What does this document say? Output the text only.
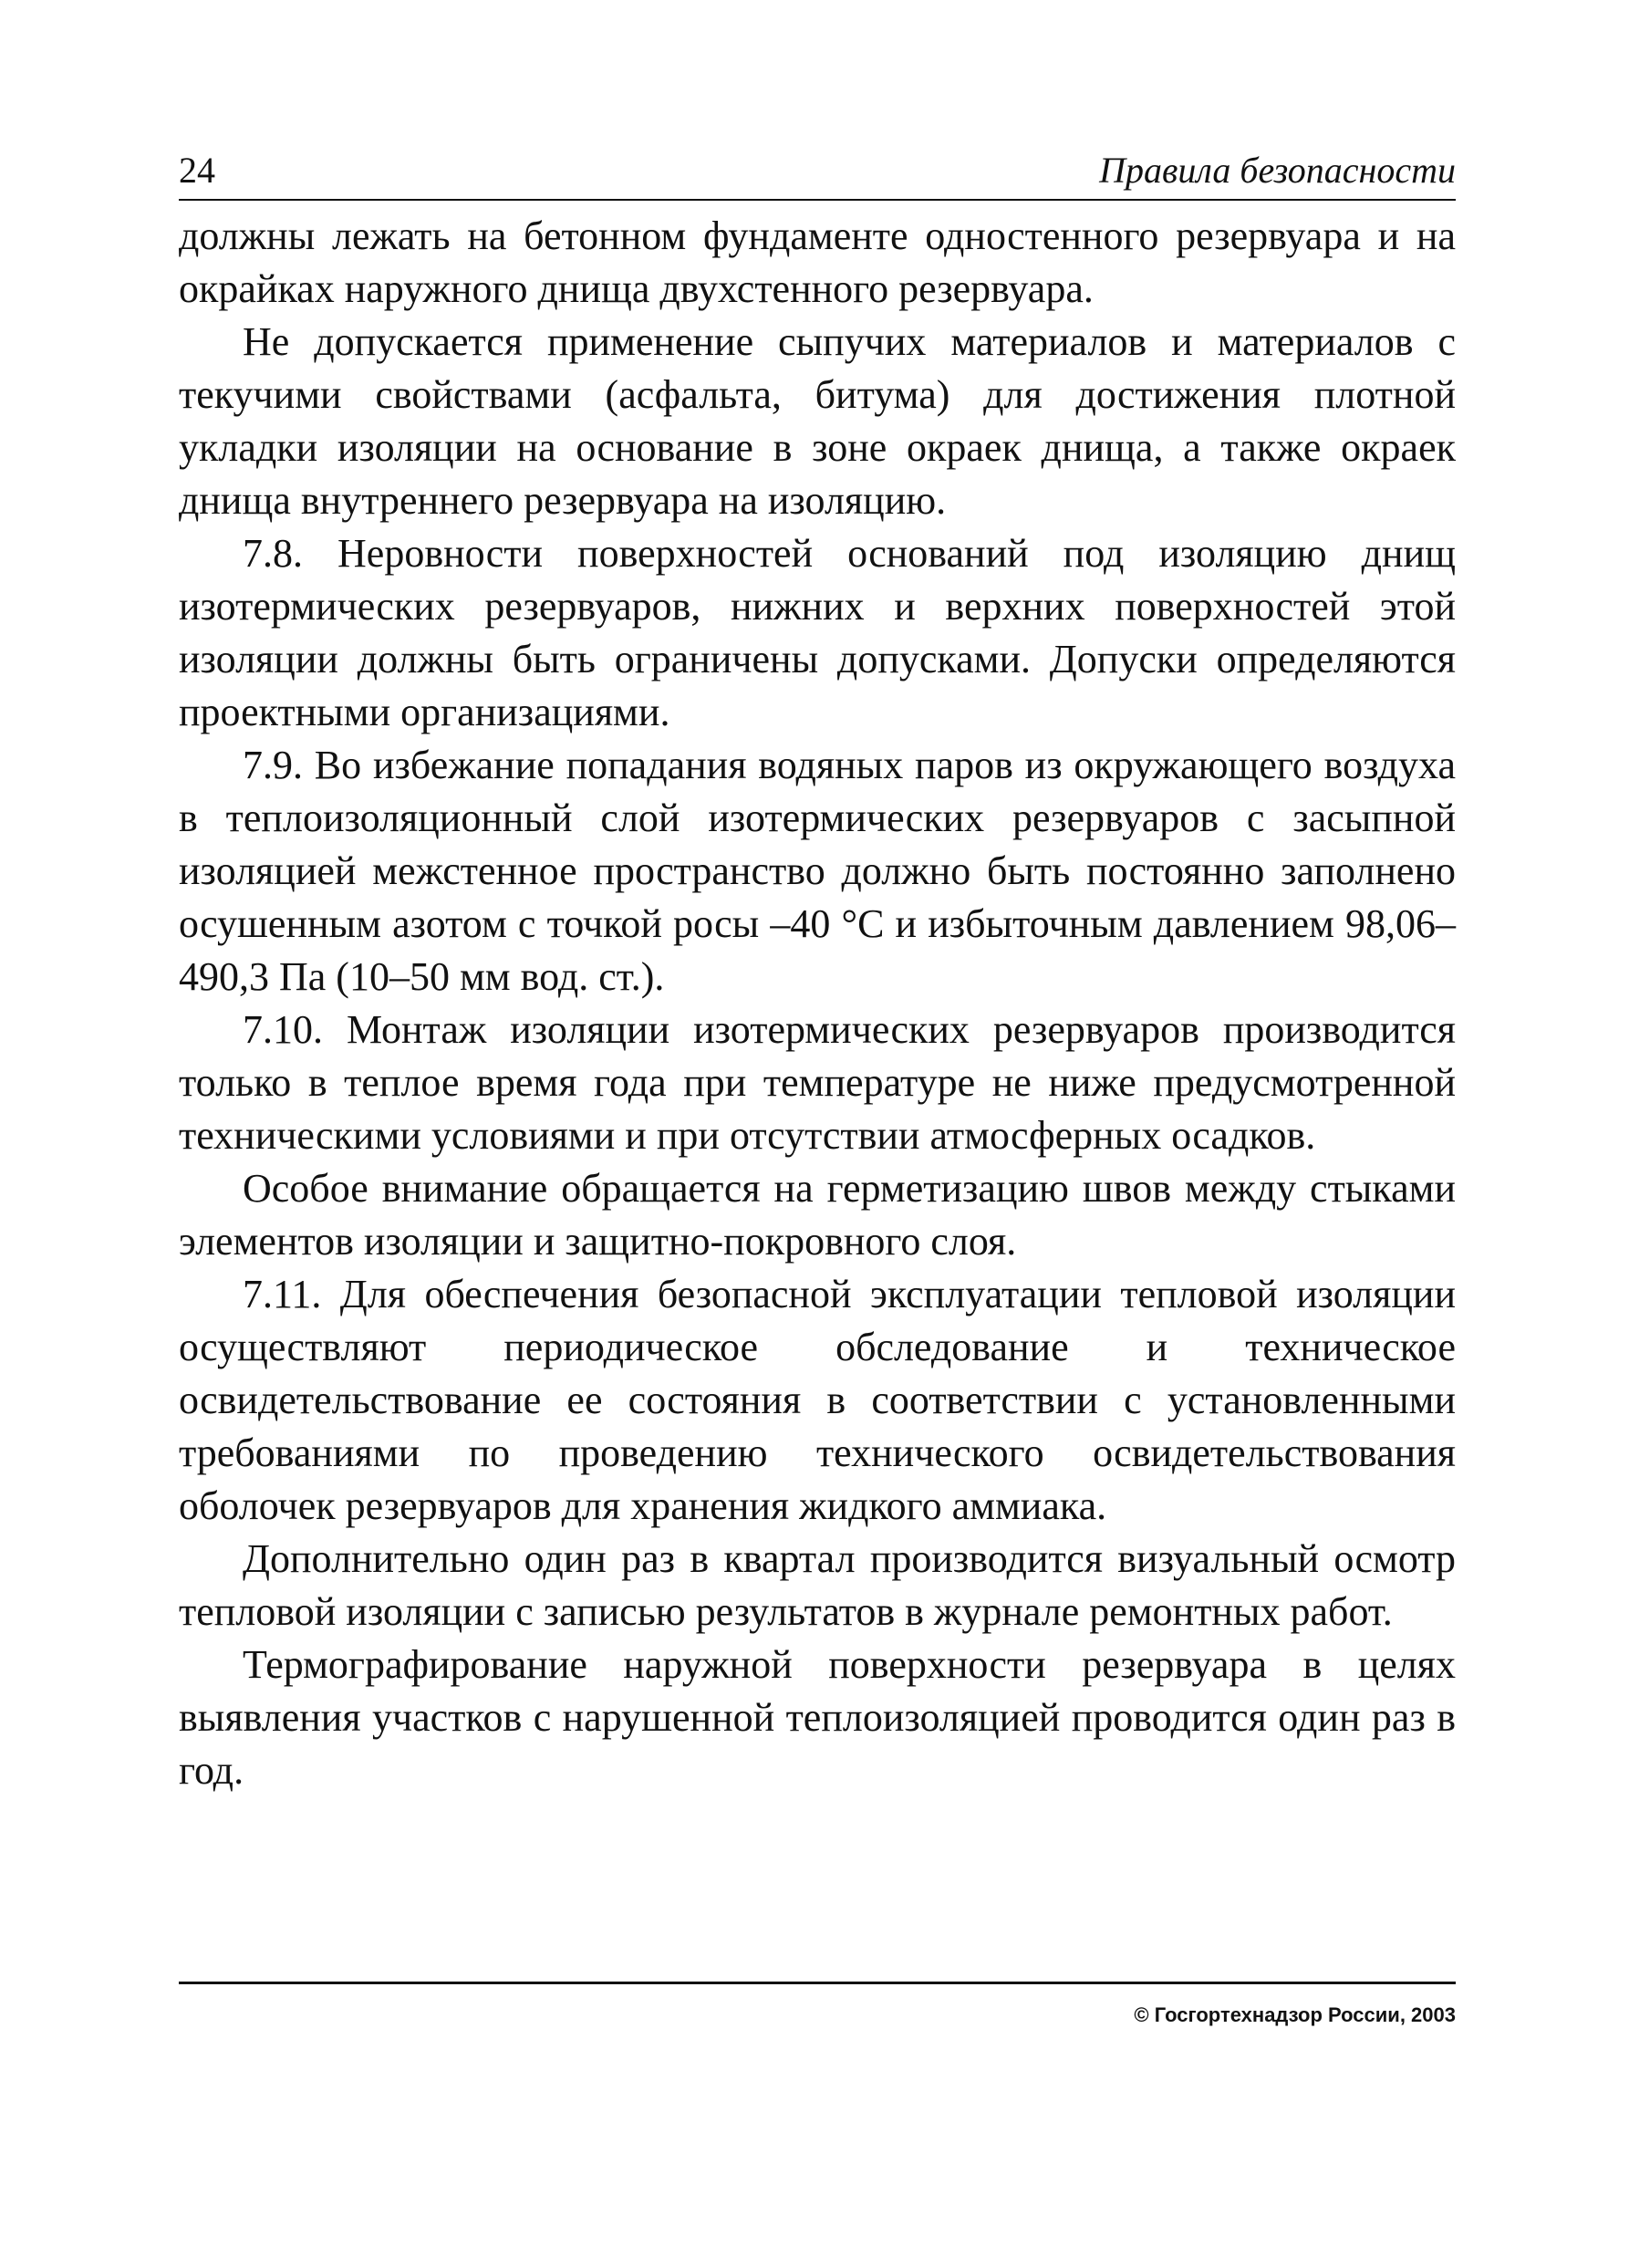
24	Правила безопасности

должны лежать на бетонном фундаменте одностенного резервуара и на окрайках наружного днища двухстенного резервуара.

Не допускается применение сыпучих материалов и материалов с текучими свойствами (асфальта, битума) для достижения плотной укладки изоляции на основание в зоне окраек днища, а также окраек днища внутреннего резервуара на изоляцию.

7.8. Неровности поверхностей оснований под изоляцию днищ изотермических резервуаров, нижних и верхних поверхностей этой изоляции должны быть ограничены допусками. Допуски определяются проектными организациями.

7.9. Во избежание попадания водяных паров из окружающего воздуха в теплоизоляционный слой изотермических резервуаров с засыпной изоляцией межстенное пространство должно быть постоянно заполнено осушенным азотом с точкой росы –40 °С и избыточным давлением 98,06–490,3 Па (10–50 мм вод. ст.).

7.10. Монтаж изоляции изотермических резервуаров производится только в теплое время года при температуре не ниже предусмотренной техническими условиями и при отсутствии атмосферных осадков.

Особое внимание обращается на герметизацию швов между стыками элементов изоляции и защитно-покровного слоя.

7.11. Для обеспечения безопасной эксплуатации тепловой изоляции осуществляют периодическое обследование и техническое освидетельствование ее состояния в соответствии с установленными требованиями по проведению технического освидетельствования оболочек резервуаров для хранения жидкого аммиака.

Дополнительно один раз в квартал производится визуальный осмотр тепловой изоляции с записью результатов в журнале ремонтных работ.

Термографирование наружной поверхности резервуара в целях выявления участков с нарушенной теплоизоляцией проводится один раз в год.

© Госгортехнадзор России, 2003
